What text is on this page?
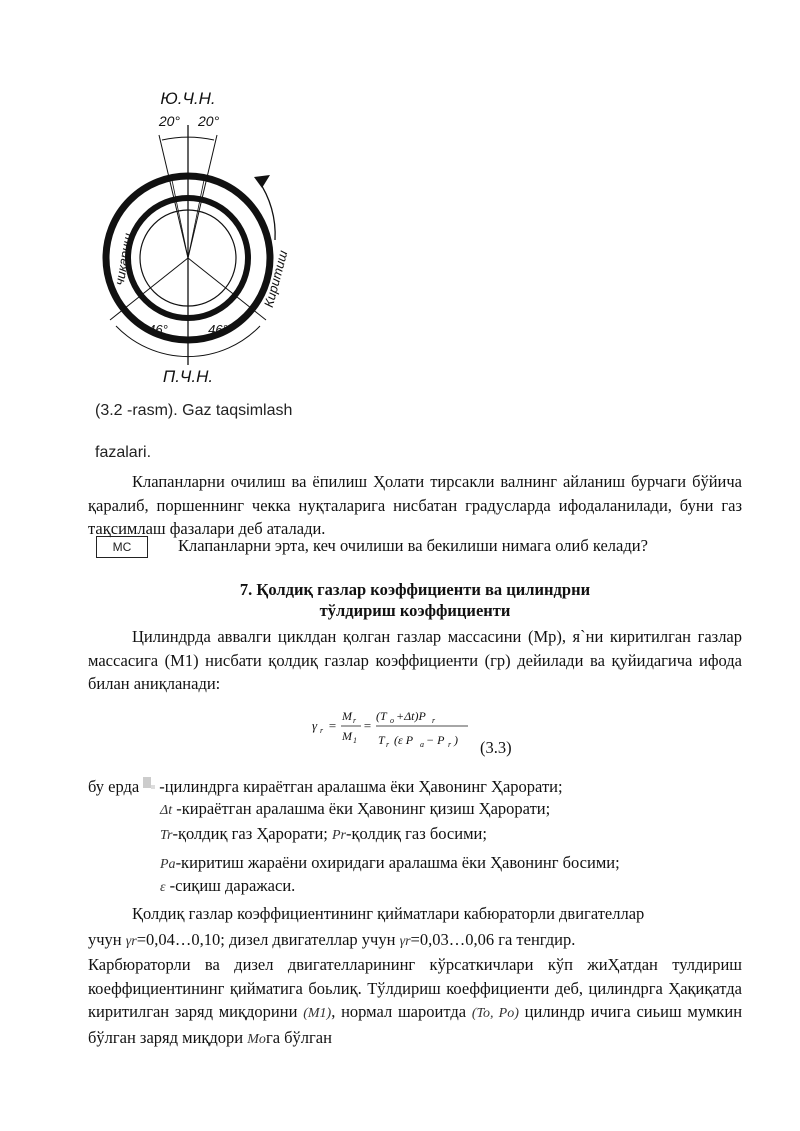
Ю.Ч.Н.
20° 20°
46°	46°
П.Ч.Н.
чикариш	Киритиш
(3.2 -rasm). Gaz taqsimlash
fazalari.
Клапанларни очилиш ва ёпилиш Ҳолати тирсакли валнинг айланиш бурчаги бўйича қаралиб, поршеннинг чекка нуқталарига нисбатан градусларда ифодаланилади, буни газ тақсимлаш фазалари деб аталади.
МС	Клапанларни эрта, кеч очилиши ва бекилиши нимага олиб келади?
7. Қолдиқ газлар коэффициенти ва цилиндрни
тўлдириш коэффициенти
Цилиндрда аввалги циклдан қолган газлар массасини (Мр), я`ни киритилган газлар массасига (М1) нисбати қолдиқ газлар коэффициенти (гр) дейилади ва қуйидагича ифода билан аниқланади:
γ r =
M r
M 1
=
(T o +Δt)P r
T r (ε P a − P r ) (3.3)
бу ерда -цилиндрга кираётган аралашма ёки Ҳавонинг Ҳарорати;
Δt -кираётган аралашма ёки Ҳавонинг қизиш Ҳарорати;
Tr-қолдиқ газ Ҳарорати; Pr-қолдиқ газ босими;
Pa-киритиш жараёни охиридаги аралашма ёки Ҳавонинг босими;
ε -сиқиш даражаси.
Қолдиқ газлар коэффициентининг қийматлари кабюраторли двигателлар
учун γr=0,04…0,10; дизел двигателлар учун γr=0,03…0,06 га тенгдир.
Карбюраторли ва дизел двигателларининг кўрсаткичлари кўп жиҲатдан тулдириш коеффициентининг қийматига боьлиқ. Тўлдириш коеффициенти деб, цилиндрга Ҳақиқатда киритилган заряд миқдорини (M1), нормал шароитда (To, Po) цилиндр ичига сиьиш мумкин бўлган заряд миқдори Moга бўлган
